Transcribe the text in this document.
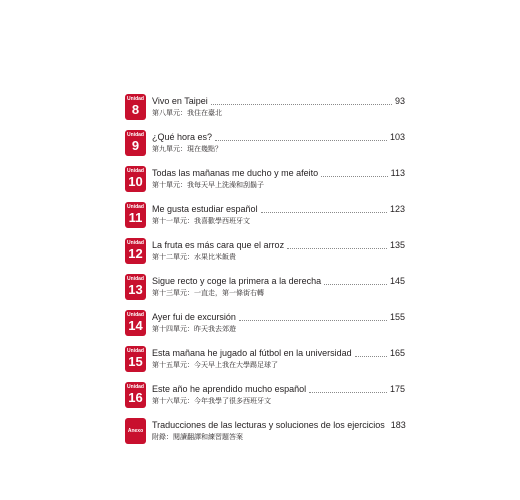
Unidad
8
Vivo en Taipei	93
第八單元：我住在臺北
Unidad
9
¿Qué hora es?	103
第九單元：現在幾點？
Unidad
10
Todas las mañanas me ducho y me afeito	113
第十單元：我每天早上洗澡和刮鬍子
Unidad
11
Me gusta estudiar español	123
第十一單元：我喜歡學西班牙文
Unidad
12
La fruta es más cara que el arroz	135
第十二單元：水果比米飯貴
Unidad
13
Sigue recto y coge la primera a la derecha	145
第十三單元：一直走，第一條街右轉
Unidad
14
Ayer fui de excursión	155
第十四單元：昨天我去郊遊
Unidad
15
Esta mañana he jugado al fútbol en la universidad	165
第十五單元：今天早上我在大學踢足球了
Unidad
16
Este año he aprendido mucho español	175
第十六單元：今年我學了很多西班牙文
Anexo
Traducciones de las lecturas y soluciones de los ejercicios 183
附錄：閱讀翻譯和練習題答案
